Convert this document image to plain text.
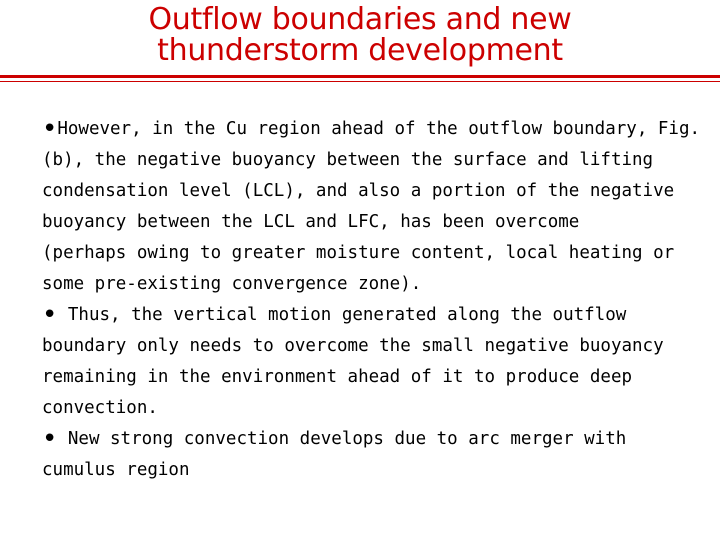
Outflow boundaries and new
thunderstorm development
•However, in the Cu region ahead of the outflow boundary, Fig.
(b), the negative buoyancy between the surface and lifting
condensation level (LCL), and also a portion of the negative
buoyancy between the LCL and LFC, has been overcome
(perhaps owing to greater moisture content, local heating or
some pre-existing convergence zone).
• Thus, the vertical motion generated along the outflow
boundary only needs to overcome the small negative buoyancy
remaining in the environment ahead of it to produce deep
convection.
• New strong convection develops due to arc merger with
cumulus region
